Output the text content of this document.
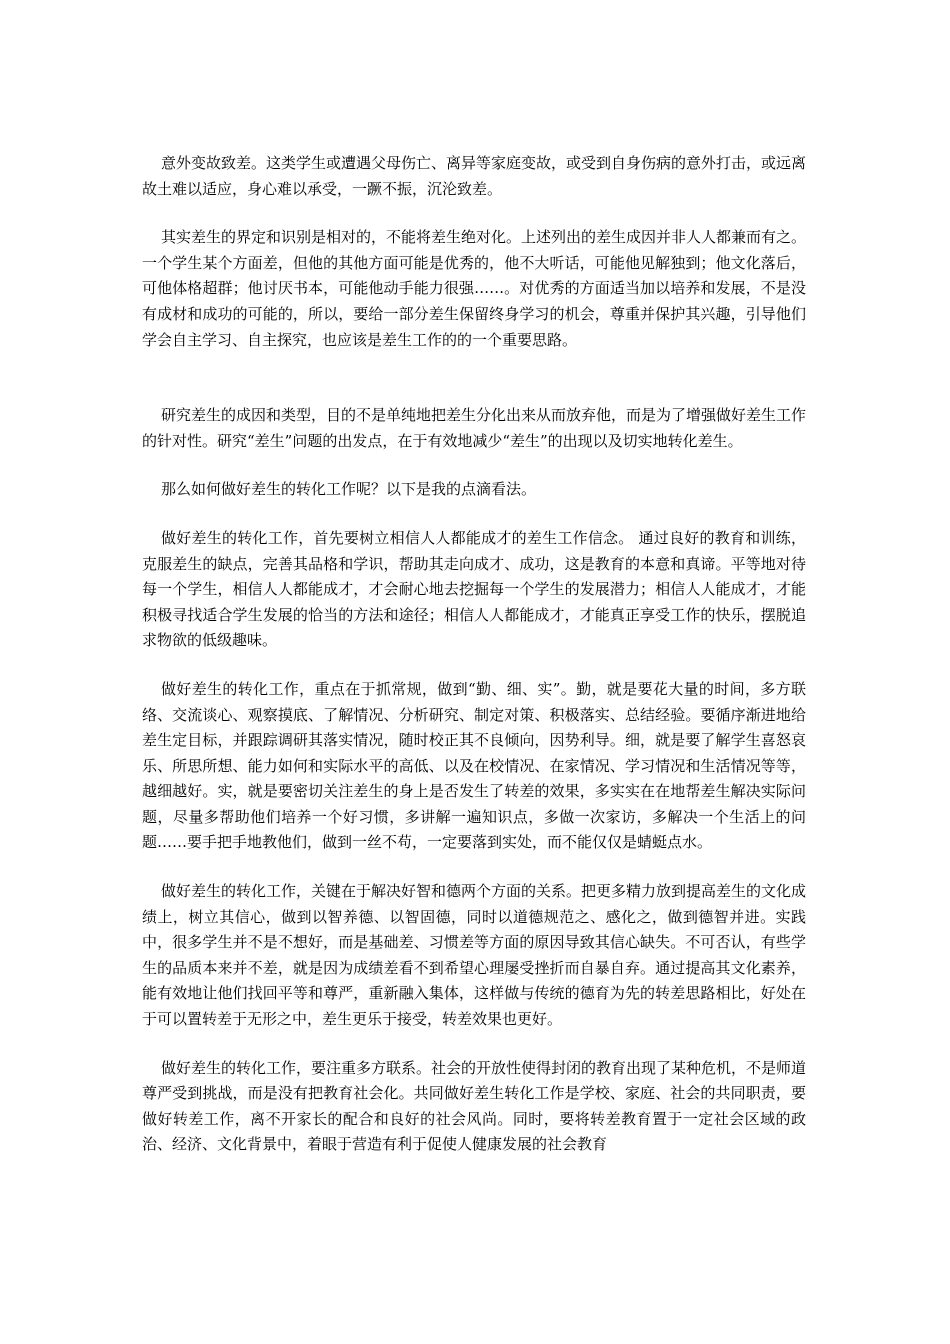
意外变故致差。这类学生或遭遇父母伤亡、离异等家庭变故，或受到自身伤病的意外打击，或远离故土难以适应，身心难以承受，一蹶不振，沉沦致差。

其实差生的界定和识别是相对的，不能将差生绝对化。上述列出的差生成因并非人人都兼而有之。一个学生某个方面差，但他的其他方面可能是优秀的，他不大听话，可能他见解独到；他文化落后，可他体格超群；他讨厌书本，可能他动手能力很强……。对优秀的方面适当加以培养和发展，不是没有成材和成功的可能的，所以，要给一部分差生保留终身学习的机会，尊重并保护其兴趣，引导他们学会自主学习、自主探究，也应该是差生工作的的一个重要思路。

研究差生的成因和类型，目的不是单纯地把差生分化出来从而放弃他，而是为了增强做好差生工作的针对性。研究“差生”问题的出发点，在于有效地减少“差生”的出现以及切实地转化差生。

那么如何做好差生的转化工作呢？以下是我的点滴看法。

做好差生的转化工作，首先要树立相信人人都能成才的差生工作信念。 通过良好的教育和训练，克服差生的缺点，完善其品格和学识，帮助其走向成才、成功，这是教育的本意和真谛。平等地对待每一个学生，相信人人都能成才，才会耐心地去挖掘每一个学生的发展潜力；相信人人能成才，才能积极寻找适合学生发展的恰当的方法和途径；相信人人都能成才，才能真正享受工作的快乐，摆脱追求物欲的低级趣味。

做好差生的转化工作，重点在于抓常规，做到“勤、细、实”。勤，就是要花大量的时间，多方联络、交流谈心、观察摸底、了解情况、分析研究、制定对策、积极落实、总结经验。要循序渐进地给差生定目标，并跟踪调研其落实情况，随时校正其不良倾向，因势利导。细，就是要了解学生喜怒哀乐、所思所想、能力如何和实际水平的高低、以及在校情况、在家情况、学习情况和生活情况等等，越细越好。实，就是要密切关注差生的身上是否发生了转差的效果，多实实在在地帮差生解决实际问题，尽量多帮助他们培养一个好习惯，多讲解一遍知识点，多做一次家访，多解决一个生活上的问题……要手把手地教他们，做到一丝不苟，一定要落到实处，而不能仅仅是蜻蜓点水。

做好差生的转化工作，关键在于解决好智和德两个方面的关系。把更多精力放到提高差生的文化成绩上，树立其信心，做到以智养德、以智固德，同时以道德规范之、感化之，做到德智并进。实践中，很多学生并不是不想好，而是基础差、习惯差等方面的原因导致其信心缺失。不可否认，有些学生的品质本来并不差，就是因为成绩差看不到希望心理屡受挫折而自暴自弃。通过提高其文化素养，能有效地让他们找回平等和尊严，重新融入集体，这样做与传统的德育为先的转差思路相比，好处在于可以置转差于无形之中，差生更乐于接受，转差效果也更好。

做好差生的转化工作，要注重多方联系。社会的开放性使得封闭的教育出现了某种危机，不是师道尊严受到挑战，而是没有把教育社会化。共同做好差生转化工作是学校、家庭、社会的共同职责，要做好转差工作，离不开家长的配合和良好的社会风尚。同时，要将转差教育置于一定社会区域的政治、经济、文化背景中，着眼于营造有利于促使人健康发展的社会教育
